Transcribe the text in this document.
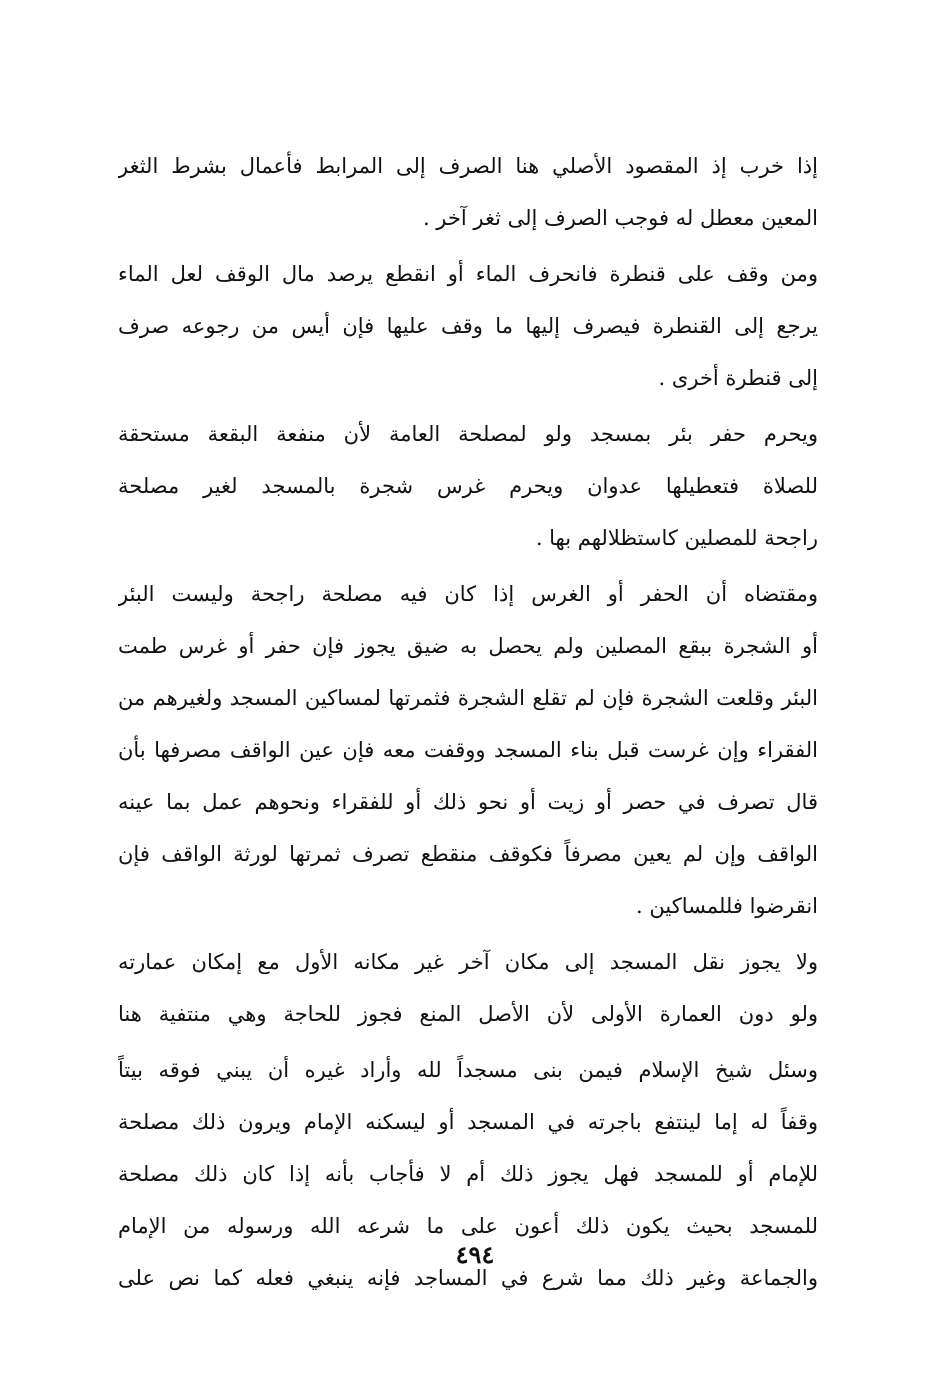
إذا خرب إذ المقصود الأصلي هنا الصرف إلى المرابط فأعمال بشرط الثغر
المعين معطل له فوجب الصرف إلى ثغر آخر .
ومن وقف على قنطرة فانحرف الماء أو انقطع يرصد مال الوقف لعل الماء
يرجع إلى القنطرة فيصرف إليها ما وقف عليها فإن أيس من رجوعه صرف
إلى قنطرة أخرى .
ويحرم حفر بئر بمسجد ولو لمصلحة العامة لأن منفعة البقعة مستحقة
للصلاة فتعطيلها عدوان ويحرم غرس شجرة بالمسجد لغير مصلحة
راجحة للمصلين كاستظلالهم بها .
ومقتضاه أن الحفر أو الغرس إذا كان فيه مصلحة راجحة وليست البئر
أو الشجرة ببقع المصلين ولم يحصل به ضيق يجوز فإن حفر أو غرس طمت
البئر وقلعت الشجرة فإن لم تقلع الشجرة فثمرتها لمساكين المسجد ولغيرهم من
الفقراء وإن غرست قبل بناء المسجد ووقفت معه فإن عين الواقف مصرفها بأن
قال تصرف في حصر أو زيت أو نحو ذلك أو للفقراء ونحوهم عمل بما عينه
الواقف وإن لم يعين مصرفاً فكوقف منقطع تصرف ثمرتها لورثة الواقف فإن
انقرضوا فللمساكين .
ولا يجوز نقل المسجد إلى مكان آخر غير مكانه الأول مع إمكان عمارته
ولو دون العمارة الأولى لأن الأصل المنع فجوز للحاجة وهي منتفية هنا
وسئل شيخ الإسلام فيمن بنى مسجداً لله وأراد غيره أن يبني فوقه بيتاً
وقفاً له إما لينتفع باجرته في المسجد أو ليسكنه الإمام ويرون ذلك مصلحة
للإمام أو للمسجد فهل يجوز ذلك أم لا فأجاب بأنه إذا كان ذلك مصلحة
للمسجد بحيث يكون ذلك أعون على ما شرعه الله ورسوله من الإمام
والجماعة وغير ذلك مما شرع في المساجد فإنه ينبغي فعله كما نص على
٤٩٤
